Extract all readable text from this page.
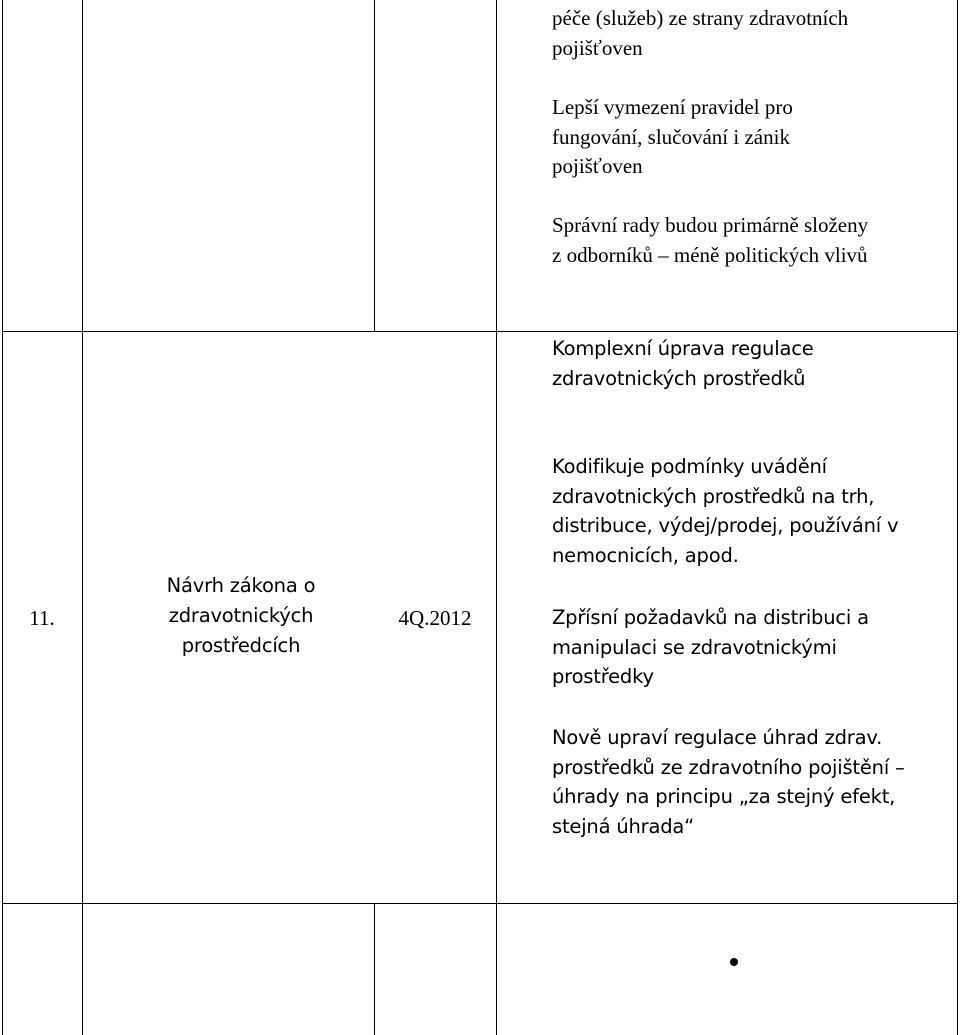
péče (služeb) ze strany zdravotních
pojišťoven
Lepší vymezení pravidel pro
fungování, slučování i zánik
pojišťoven
Správní rady budou primárně složeny
z odborníků – méně politických vlivů
11.
Návrh zákona o
zdravotnických
prostředcích
4Q.2012
Komplexní úprava regulace
zdravotnických prostředků
Kodifikuje podmínky uvádění
zdravotnických prostředků na trh,
distribuce, výdej/prodej, používání v
nemocnicích, apod.
Zpřísní požadavků na distribuci a
manipulaci se zdravotnickými
prostředky
Nově upraví regulace úhrad zdrav.
prostředků ze zdravotního pojištění –
úhrady na principu „za stejný efekt,
stejná úhrada“
